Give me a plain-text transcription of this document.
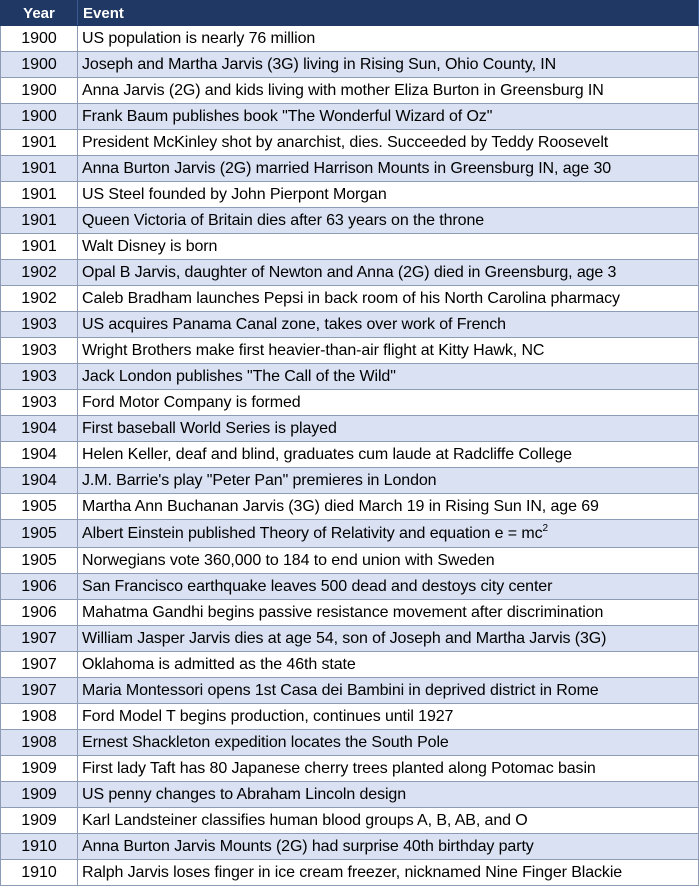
Year	Event
1900	US population is nearly 76 million
1900	Joseph and Martha Jarvis (3G) living in Rising Sun, Ohio County, IN
1900	Anna Jarvis (2G) and kids living with mother Eliza Burton in Greensburg IN
1900	Frank Baum publishes book "The Wonderful Wizard of Oz"
1901	President McKinley shot by anarchist, dies. Succeeded by Teddy Roosevelt
1901	Anna Burton Jarvis (2G) married Harrison Mounts in Greensburg IN, age 30
1901	US Steel founded by John Pierpont Morgan
1901	Queen Victoria of Britain dies after 63 years on the throne
1901	Walt Disney is born
1902	Opal B Jarvis, daughter of Newton and Anna (2G) died in Greensburg, age 3
1902	Caleb Bradham launches Pepsi in back room of his North Carolina pharmacy
1903	US acquires Panama Canal zone, takes over work of French
1903	Wright Brothers make first heavier-than-air flight at Kitty Hawk, NC
1903	Jack London publishes "The Call of the Wild"
1903	Ford Motor Company is formed
1904	First baseball World Series is played
1904	Helen Keller, deaf and blind, graduates cum laude at Radcliffe College
1904	J.M. Barrie's play "Peter Pan" premieres in London
1905	Martha Ann Buchanan Jarvis (3G) died March 19 in Rising Sun IN, age 69
1905	Albert Einstein published Theory of Relativity and equation $e = mc^2$
1905	Norwegians vote 360,000 to 184 to end union with Sweden
1906	San Francisco earthquake leaves 500 dead and destoys city center
1906	Mahatma Gandhi begins passive resistance movement after discrimination
1907	William Jasper Jarvis dies at age 54, son of Joseph and Martha Jarvis (3G)
1907	Oklahoma is admitted as the 46th state
1907	Maria Montessori opens 1st Casa dei Bambini in deprived district in Rome
1908	Ford Model T begins production, continues until 1927
1908	Ernest Shackleton expedition locates the South Pole
1909	First lady Taft has 80 Japanese cherry trees planted along Potomac basin
1909	US penny changes to Abraham Lincoln design
1909	Karl Landsteiner classifies human blood groups A, B, AB, and O
1910	Anna Burton Jarvis Mounts (2G) had surprise 40th birthday party
1910	Ralph Jarvis loses finger in ice cream freezer, nicknamed Nine Finger Blackie
